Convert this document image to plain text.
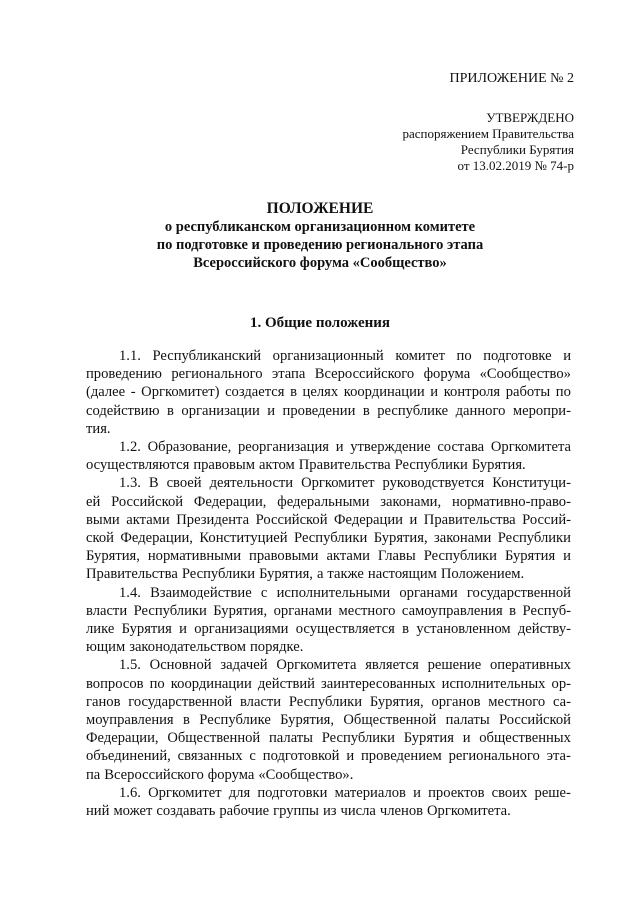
ПРИЛОЖЕНИЕ № 2
УТВЕРЖДЕНО
распоряжением Правительства
Республики Бурятия
от 13.02.2019 № 74-р
ПОЛОЖЕНИЕ
о республиканском организационном комитете
по подготовке и проведению регионального этапа
Всероссийского форума «Сообщество»
1. Общие положения
1.1. Республиканский организационный комитет по подготовке и
проведению регионального этапа Всероссийского форума «Сообщество»
(далее - Оргкомитет) создается в целях координации и контроля работы по
содействию в организации и проведении в республике данного меропри-
тия.
1.2. Образование, реорганизация и утверждение состава Оргкомитета
осуществляются правовым актом Правительства Республики Бурятия.
1.3. В своей деятельности Оргкомитет руководствуется Конституци-
ей Российской Федерации, федеральными законами, нормативно-право-
выми актами Президента Российской Федерации и Правительства Россий-
ской Федерации, Конституцией Республики Бурятия, законами Республики
Бурятия, нормативными правовыми актами Главы Республики Бурятия и
Правительства Республики Бурятия, а также настоящим Положением.
1.4. Взаимодействие с исполнительными органами государственной
власти Республики Бурятия, органами местного самоуправления в Респуб-
лике Бурятия и организациями осуществляется в установленном действу-
ющим законодательством порядке.
1.5. Основной задачей Оргкомитета является решение оперативных
вопросов по координации действий заинтересованных исполнительных ор-
ганов государственной власти Республики Бурятия, органов местного са-
моуправления в Республике Бурятия, Общественной палаты Российской
Федерации, Общественной палаты Республики Бурятия и общественных
объединений, связанных с подготовкой и проведением регионального эта-
па Всероссийского форума «Сообщество».
1.6. Оргкомитет для подготовки материалов и проектов своих реше-
ний может создавать рабочие группы из числа членов Оргкомитета.
